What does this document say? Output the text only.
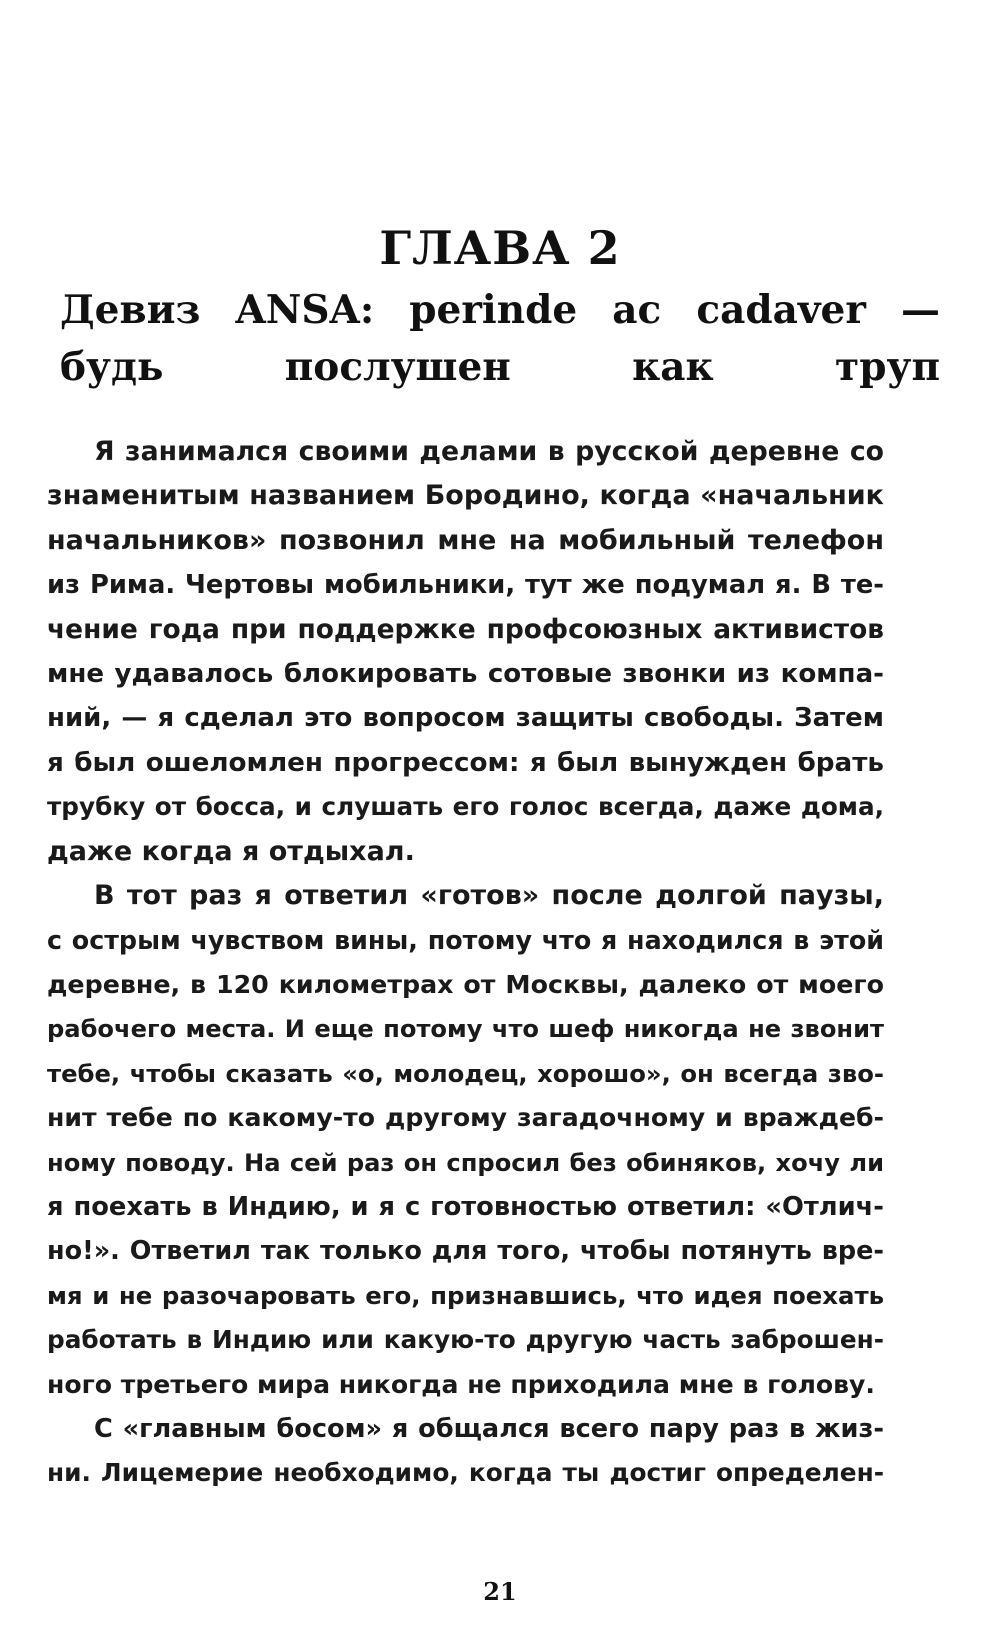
ГЛАВА 2
Девиз ANSA: perinde ac cadaver —
будь послушен как труп
Я занимался своими делами в русской деревне со
знаменитым названием Бородино, когда «начальник
начальников» позвонил мне на мобильный телефон
из Рима. Чертовы мобильники, тут же подумал я. В те-
чение года при поддержке профсоюзных активистов
мне удавалось блокировать сотовые звонки из компа-
ний, — я сделал это вопросом защиты свободы. Затем
я был ошеломлен прогрессом: я был вынужден брать
трубку от босса, и слушать его голос всегда, даже дома,
даже когда я отдыхал.
В тот раз я ответил «готов» после долгой паузы,
с острым чувством вины, потому что я находился в этой
деревне, в 120 километрах от Москвы, далеко от моего
рабочего места. И еще потому что шеф никогда не звонит
тебе, чтобы сказать «о, молодец, хорошо», он всегда зво-
нит тебе по какому-то другому загадочному и враждеб-
ному поводу. На сей раз он спросил без обиняков, хочу ли
я поехать в Индию, и я с готовностью ответил: «Отлич-
но!». Ответил так только для того, чтобы потянуть вре-
мя и не разочаровать его, признавшись, что идея поехать
работать в Индию или какую-то другую часть заброшен-
ного третьего мира никогда не приходила мне в голову.
С «главным босом» я общался всего пару раз в жиз-
ни. Лицемерие необходимо, когда ты достиг определен-
21
